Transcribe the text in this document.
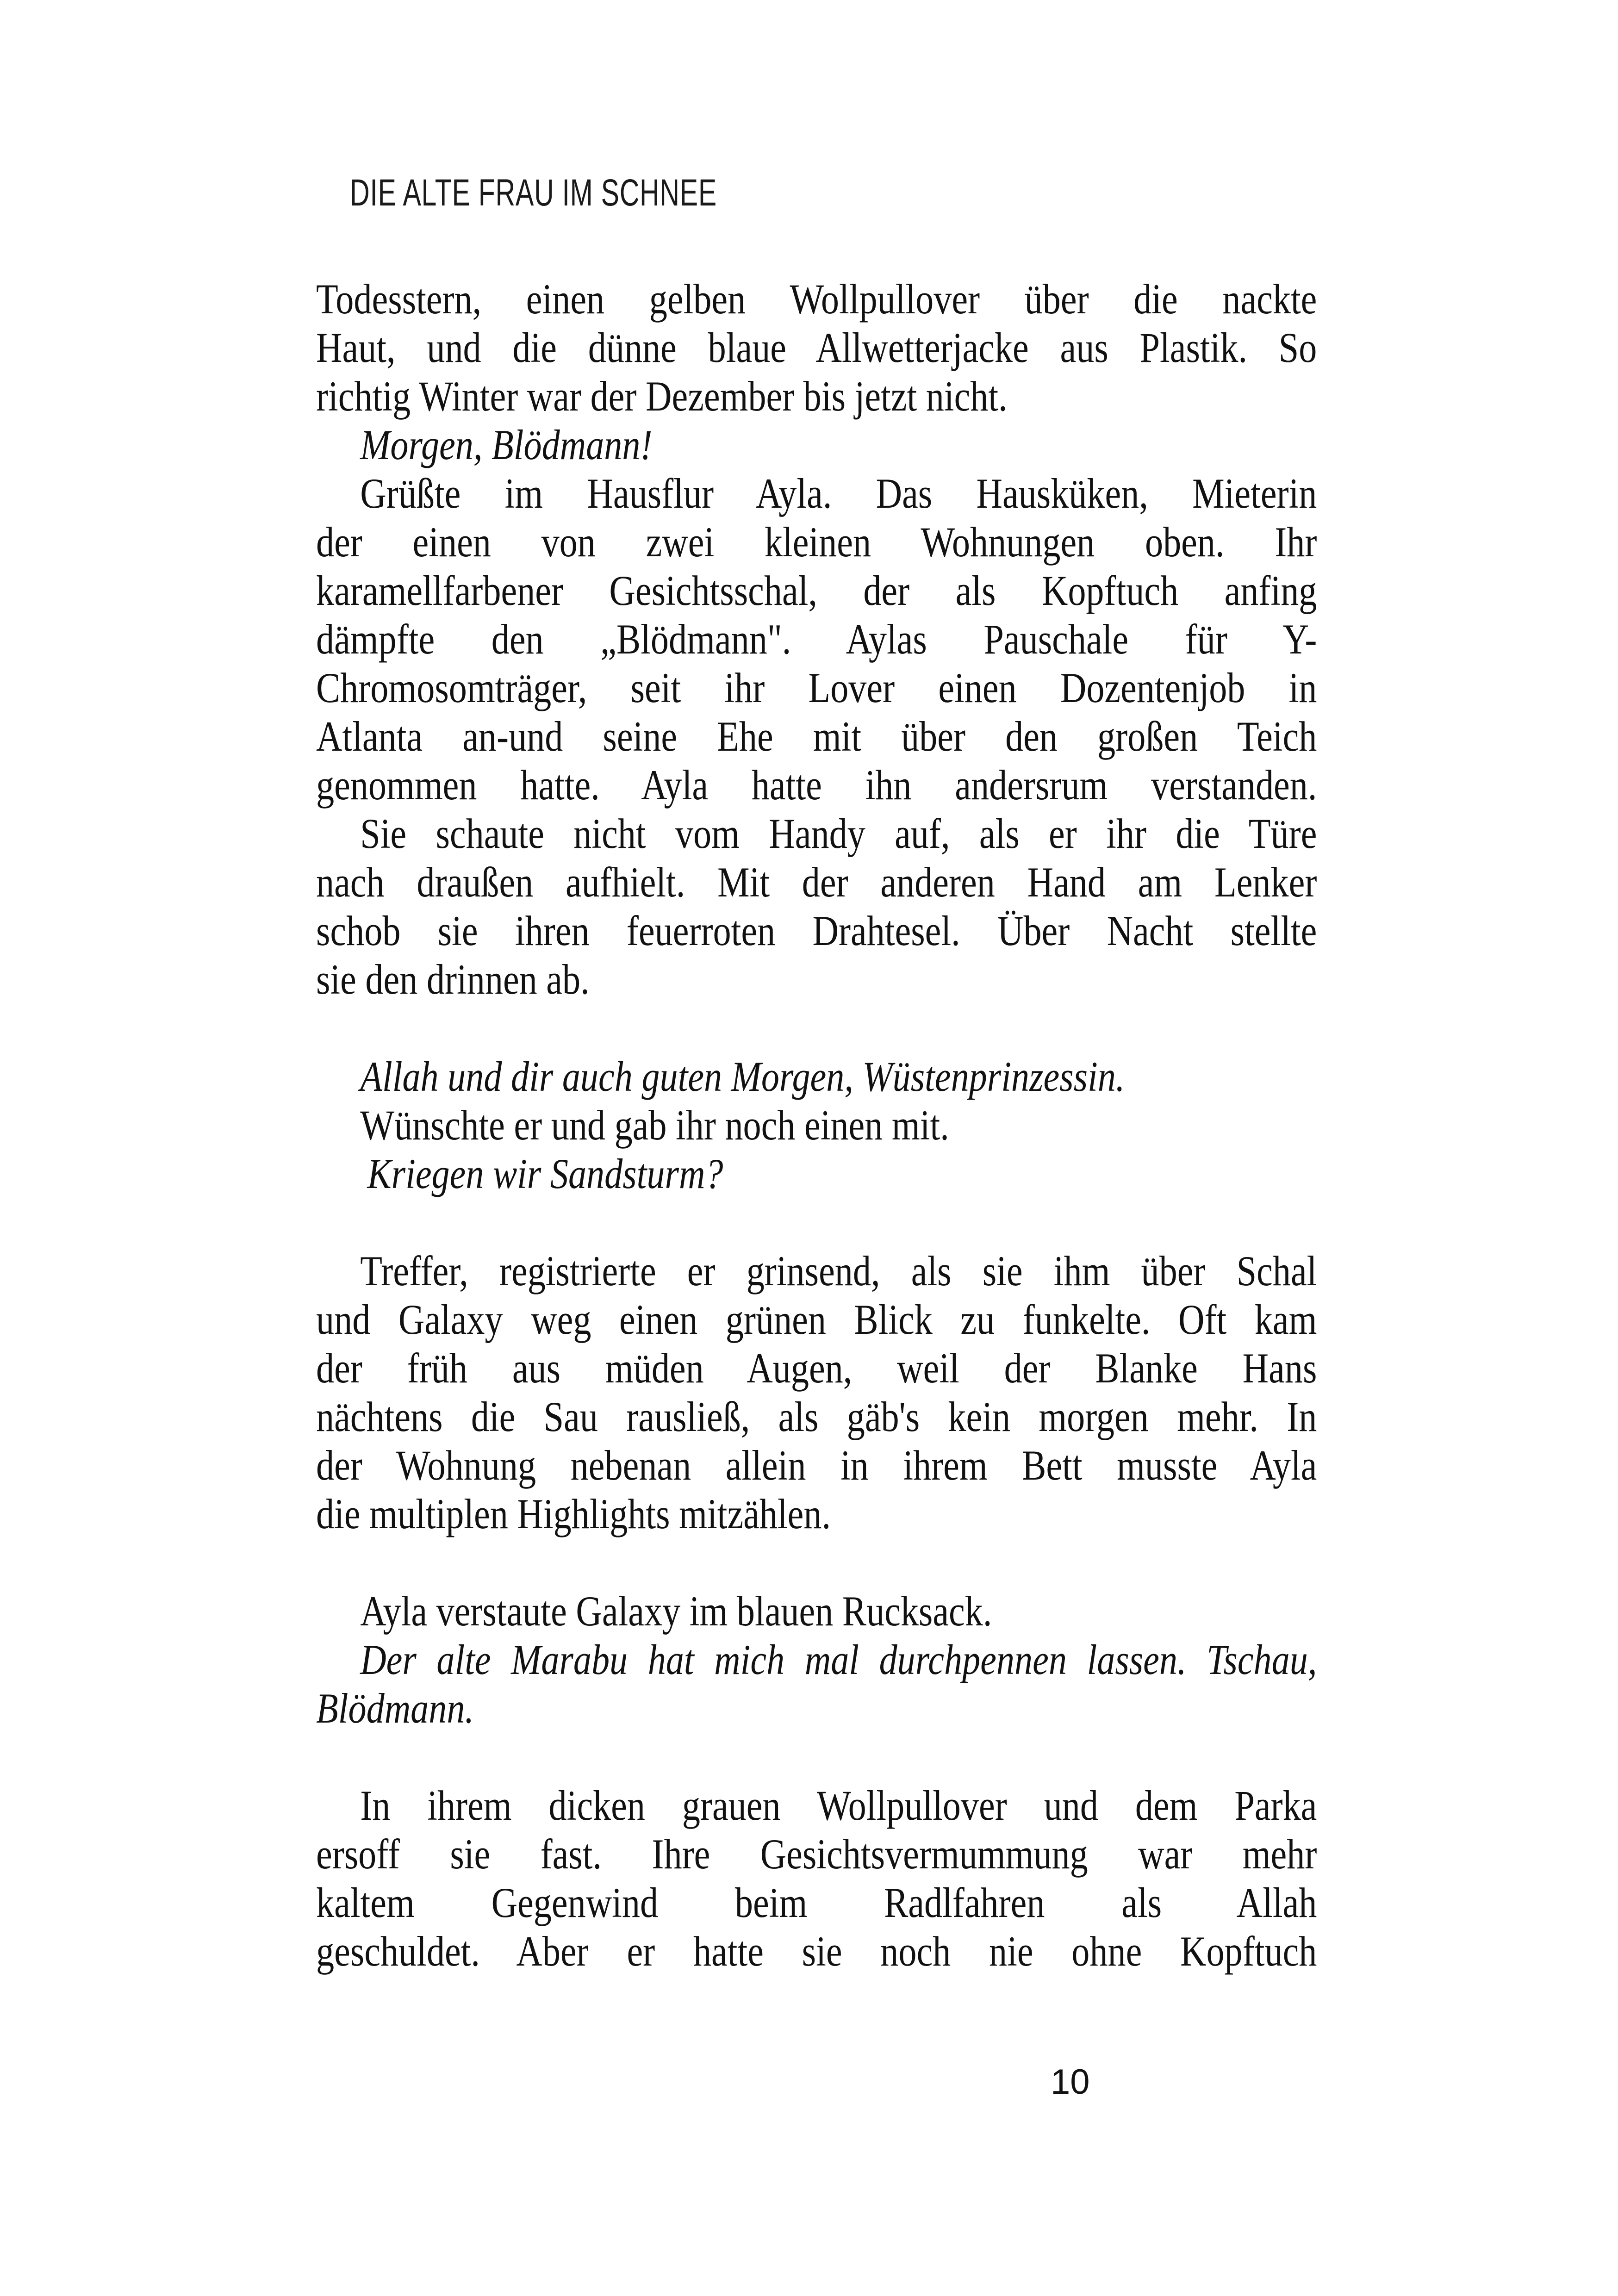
DIE ALTE FRAU IM SCHNEE
Todesstern, einen gelben Wollpullover über die nackte
Haut, und die dünne blaue Allwetterjacke aus Plastik. So
richtig Winter war der Dezember bis jetzt nicht.
Morgen, Blödmann!
Grüßte im Hausflur Ayla. Das Hausküken, Mieterin
der einen von zwei kleinen Wohnungen oben. Ihr
karamellfarbener Gesichtsschal, der als Kopftuch anfing
dämpfte den „Blödmann". Aylas Pauschale für Y-
Chromosomträger, seit ihr Lover einen Dozentenjob in
Atlanta an-und seine Ehe mit über den großen Teich
genommen hatte. Ayla hatte ihn andersrum verstanden.
Sie schaute nicht vom Handy auf, als er ihr die Türe
nach draußen aufhielt. Mit der anderen Hand am Lenker
schob sie ihren feuerroten Drahtesel. Über Nacht stellte
sie den drinnen ab.
Allah und dir auch guten Morgen, Wüstenprinzessin.
Wünschte er und gab ihr noch einen mit.
Kriegen wir Sandsturm?
Treffer, registrierte er grinsend, als sie ihm über Schal
und Galaxy weg einen grünen Blick zu funkelte. Oft kam
der früh aus müden Augen, weil der Blanke Hans
nächtens die Sau rausließ, als gäb's kein morgen mehr. In
der Wohnung nebenan allein in ihrem Bett musste Ayla
die multiplen Highlights mitzählen.
Ayla verstaute Galaxy im blauen Rucksack.
Der alte Marabu hat mich mal durchpennen lassen. Tschau,
Blödmann.
In ihrem dicken grauen Wollpullover und dem Parka
ersoff sie fast. Ihre Gesichtsvermummung war mehr
kaltem Gegenwind beim Radlfahren als Allah
geschuldet. Aber er hatte sie noch nie ohne Kopftuch
10
